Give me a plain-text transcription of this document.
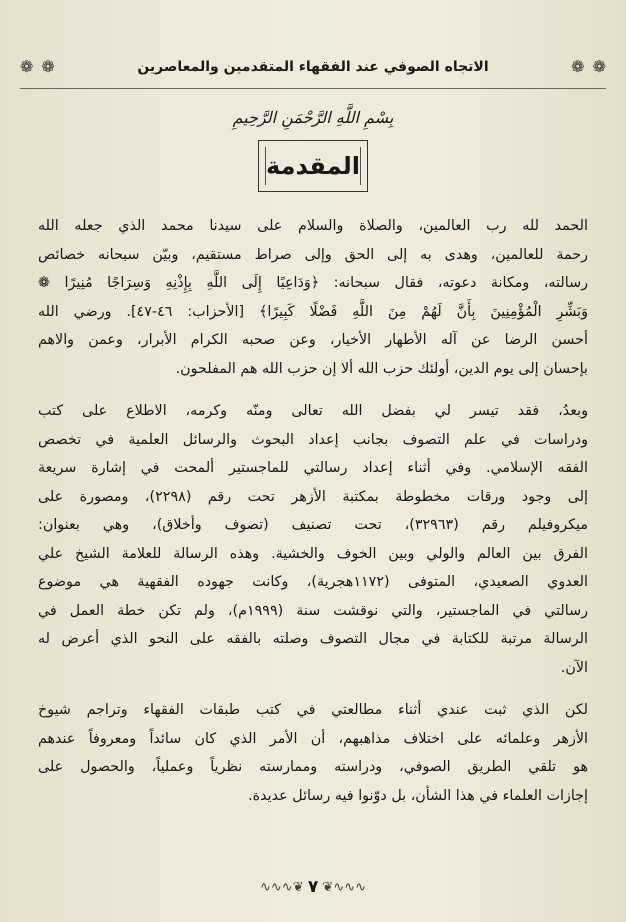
❁ ❁	الاتجاه الصوفي عند الفقهاء المتقدمين والمعاصرين	❁ ❁
بِسْمِ اللَّهِ الرَّحْمَنِ الرَّحِيمِ
المقدمة

الحمد لله رب العالمين، والصلاة والسلام على سيدنا محمد الذي جعله الله
رحمة للعالمين، وهدى به إلى الحق وإلى صراط مستقيم، وبيّن سبحانه خصائص
رسالته، ومكانة دعوته، فقال سبحانه: ﴿وَدَاعِيًا إِلَى اللَّهِ بِإِذْنِهِ وَسِرَاجًا مُنِيرًا ❁
وَبَشِّرِ الْمُؤْمِنِينَ بِأَنَّ لَهُمْ مِنَ اللَّهِ فَضْلًا كَبِيرًا﴾ [الأحزاب: ٤٦-٤٧]. ورضي الله
أحسن الرضا عن آله الأطهار الأخيار، وعن صحبه الكرام الأبرار، وعمن والاهم
بإحسان إلى يوم الدين، أولئك حزب الله ألا إن حزب الله هم المفلحون.

وبعدُ، فقد تيسر لي بفضل الله تعالى ومنّه وكرمه، الاطلاع على كتب
ودراسات في علم التصوف بجانب إعداد البحوث والرسائل العلمية في تخصص
الفقه الإسلامي. وفي أثناء إعداد رسالتي للماجستير ألمحت في إشارة سريعة
إلى وجود ورقات مخطوطة بمكتبة الأزهر تحت رقم (٢٢٩٨)، ومصورة على
ميكروفيلم رقم (٣٢٩٦٣)، تحت تصنيف (تصوف وأخلاق)، وهي بعنوان:
الفرق بين العالم والولي وبين الخوف والخشية. وهذه الرسالة للعلامة الشيخ علي
العدوي الصعيدي، المتوفى (١١٧٢هجرية)، وكانت جهوده الفقهية هي موضوع
رسالتي في الماجستير، والتي نوقشت سنة (١٩٩٩م)، ولم تكن خطة العمل في
الرسالة مرتبة للكتابة في مجال التصوف وصلته بالفقه على النحو الذي أعرض له
الآن.

لكن الذي ثبت عندي أثناء مطالعتي في كتب طبقات الفقهاء وتراجم شيوخ
الأزهر وعلمائه على اختلاف مذاهبهم، أن الأمر الذي كان سائداً ومعروفاً عندهم
هو تلقي الطريق الصوفي، ودراسته وممارسته نظرياً وعملياً، والحصول على
إجازات العلماء في هذا الشأن، بل دوّنوا فيه رسائل عديدة.

∿∿∿❦
٧
❦∿∿∿
